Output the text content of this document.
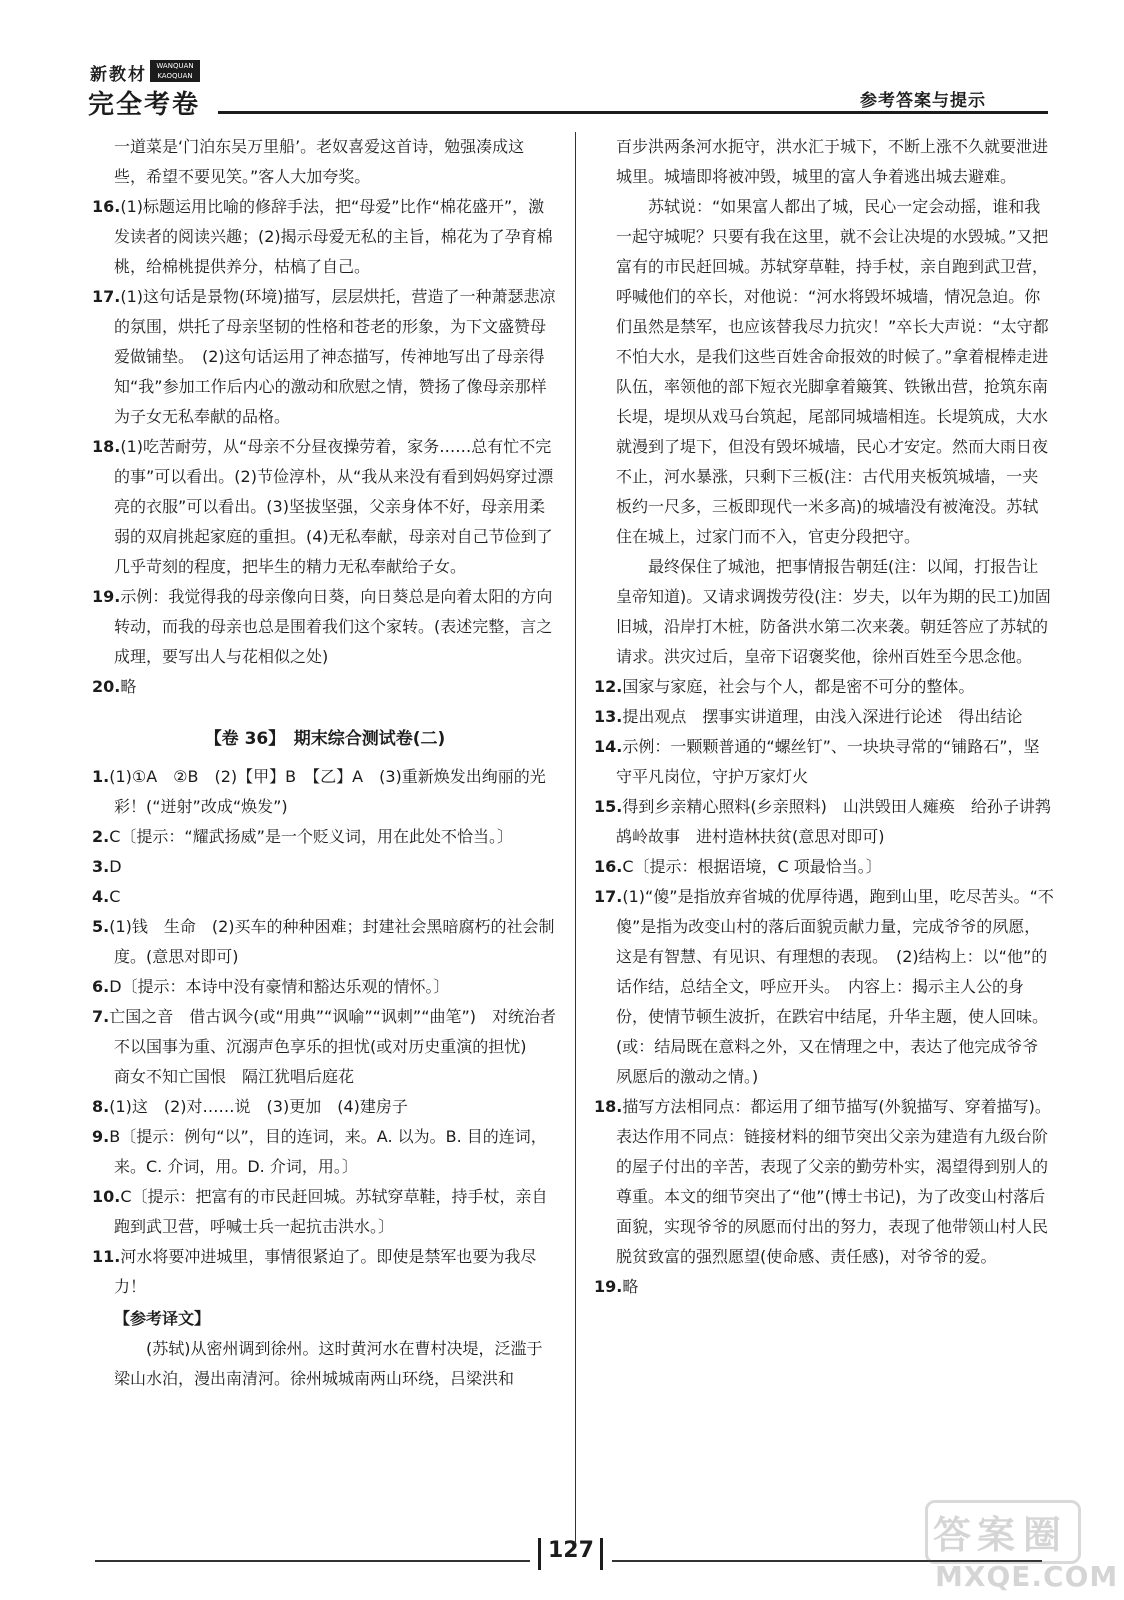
新教材	WANQUAN
KAOQUAN
完全考卷	参考答案与提示

一道菜是‘门泊东吴万里船’。老奴喜爱这首诗，勉强凑成这

些，希望不要见笑。”客人大加夸奖。

16.(1)标题运用比喻的修辞手法，把“母爱”比作“棉花盛开”，激发读者的阅读兴趣；(2)揭示母爱无私的主旨，棉花为了孕育棉桃，给棉桃提供养分，枯槁了自己。

17.(1)这句话是景物(环境)描写，层层烘托，营造了一种萧瑟悲凉的氛围，烘托了母亲坚韧的性格和苍老的形象，为下文盛赞母爱做铺垫。　(2)这句话运用了神态描写，传神地写出了母亲得知“我”参加工作后内心的激动和欣慰之情，赞扬了像母亲那样为子女无私奉献的品格。

18.(1)吃苦耐劳，从“母亲不分昼夜操劳着，家务……总有忙不完的事”可以看出。(2)节俭淳朴，从“我从来没有看到妈妈穿过漂亮的衣服”可以看出。(3)坚拔坚强，父亲身体不好，母亲用柔弱的双肩挑起家庭的重担。(4)无私奉献，母亲对自己节俭到了几乎苛刻的程度，把毕生的精力无私奉献给子女。

19.示例：我觉得我的母亲像向日葵，向日葵总是向着太阳的方向转动，而我的母亲也总是围着我们这个家转。(表述完整，言之成理，要写出人与花相似之处)

20.略

【卷 36】　期末综合测试卷(二)

1.(1)①A　②B　(2)【甲】B　【乙】A　(3)重新焕发出绚丽的光彩！(“迸射”改成“焕发”)

2.C〔提示：“耀武扬威”是一个贬义词，用在此处不恰当。〕

3.D

4.C

5.(1)钱　生命　(2)买车的种种困难；封建社会黑暗腐朽的社会制度。(意思对即可)

6.D〔提示：本诗中没有豪情和豁达乐观的情怀。〕

7.亡国之音　借古讽今(或“用典”“讽喻”“讽刺”“曲笔”)　对统治者不以国事为重、沉溺声色享乐的担忧(或对历史重演的担忧)　商女不知亡国恨　隔江犹唱后庭花

8.(1)这　(2)对……说　(3)更加　(4)建房子

9.B〔提示：例句“以”，目的连词，来。A. 以为。B. 目的连词，来。C. 介词，用。D. 介词，用。〕

10.C〔提示：把富有的市民赶回城。苏轼穿草鞋，持手杖，亲自跑到武卫营，呼喊士兵一起抗击洪水。〕

11.河水将要冲进城里，事情很紧迫了。即使是禁军也要为我尽力！

【参考译文】

(苏轼)从密州调到徐州。这时黄河水在曹村决堤，泛滥于梁山水泊，漫出南清河。徐州城城南两山环绕，吕梁洪和

百步洪两条河水扼守，洪水汇于城下，不断上涨不久就要泄进城里。城墙即将被冲毁，城里的富人争着逃出城去避难。

苏轼说：“如果富人都出了城，民心一定会动摇，谁和我一起守城呢？只要有我在这里，就不会让决堤的水毁城。”又把富有的市民赶回城。苏轼穿草鞋，持手杖，亲自跑到武卫营，呼喊他们的卒长，对他说：“河水将毁坏城墙，情况急迫。你们虽然是禁军，也应该替我尽力抗灾！”卒长大声说：“太守都不怕大水，是我们这些百姓舍命报效的时候了。”拿着棍棒走进队伍，率领他的部下短衣光脚拿着簸箕、铁锹出营，抢筑东南长堤，堤坝从戏马台筑起，尾部同城墙相连。长堤筑成，大水就漫到了堤下，但没有毁坏城墙，民心才安定。然而大雨日夜不止，河水暴涨，只剩下三板(注：古代用夹板筑城墙，一夹板约一尺多，三板即现代一米多高)的城墙没有被淹没。苏轼住在城上，过家门而不入，官吏分段把守。

最终保住了城池，把事情报告朝廷(注：以闻，打报告让皇帝知道)。又请求调拨劳役(注：岁夫，以年为期的民工)加固旧城，沿岸打木桩，防备洪水第二次来袭。朝廷答应了苏轼的请求。洪灾过后，皇帝下诏褒奖他，徐州百姓至今思念他。

12.国家与家庭，社会与个人，都是密不可分的整体。

13.提出观点　摆事实讲道理，由浅入深进行论述　得出结论

14.示例：一颗颗普通的“螺丝钉”、一块块寻常的“铺路石”，坚守平凡岗位，守护万家灯火

15.得到乡亲精心照料(乡亲照料)　山洪毁田人瘫痪　给孙子讲鹁鸪岭故事　进村造林扶贫(意思对即可)

16.C〔提示：根据语境，C 项最恰当。〕

17.(1)“傻”是指放弃省城的优厚待遇，跑到山里，吃尽苦头。“不傻”是指为改变山村的落后面貌贡献力量，完成爷爷的夙愿，这是有智慧、有见识、有理想的表现。　(2)结构上：以“他”的话作结，总结全文，呼应开头。　内容上：揭示主人公的身份，使情节顿生波折，在跌宕中结尾，升华主题，使人回味。(或：结局既在意料之外，又在情理之中，表达了他完成爷爷夙愿后的激动之情。)

18.描写方法相同点：都运用了细节描写(外貌描写、穿着描写)。表达作用不同点：链接材料的细节突出父亲为建造有九级台阶的屋子付出的辛苦，表现了父亲的勤劳朴实，渴望得到别人的尊重。本文的细节突出了“他”(博士书记)，为了改变山村落后面貌，实现爷爷的夙愿而付出的努力，表现了他带领山村人民脱贫致富的强烈愿望(使命感、责任感)，对爷爷的爱。

19.略

127	答 案 圈
MXQE.COM
